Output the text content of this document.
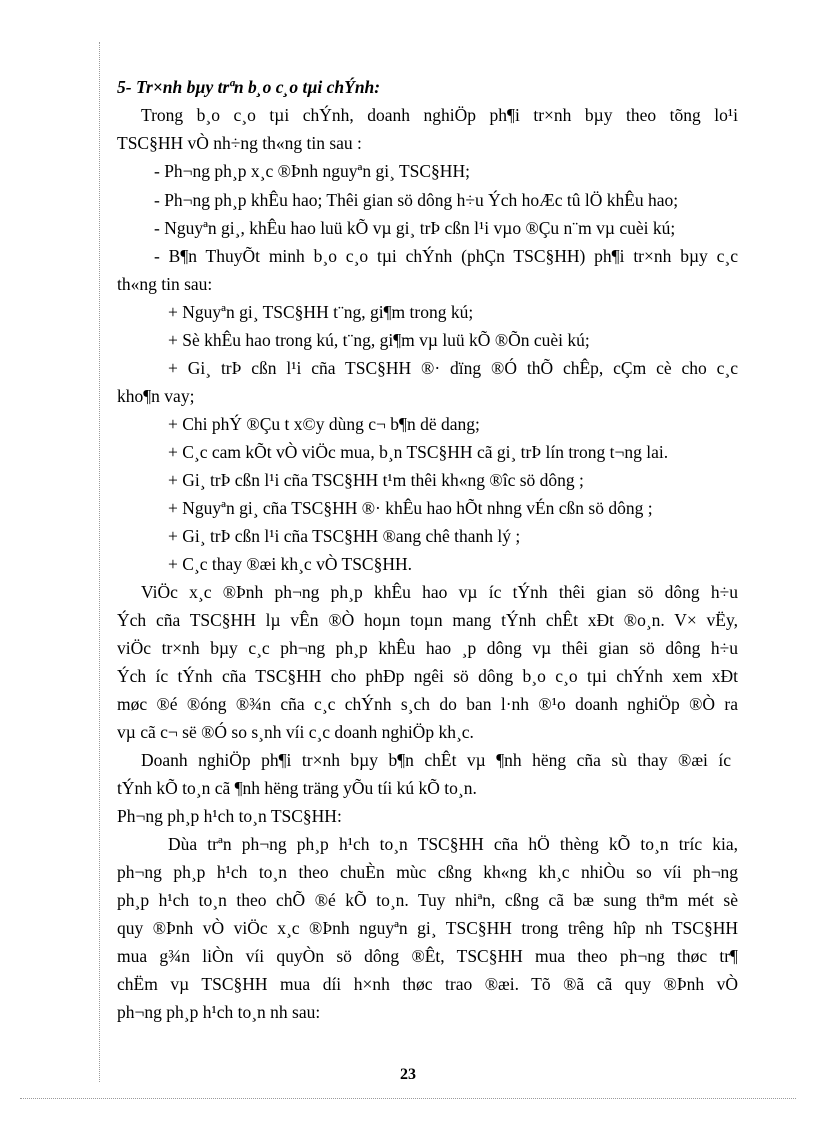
5- Tr×nh bµy trªn b¸o c¸o tµi chÝnh:
Trong b¸o c¸o tµi chÝnh, doanh nghiÖp ph¶i tr×nh bµy theo tõng lo¹i
TSC§HH vÒ nh÷ng th«ng tin sau :
- Ph¬ng ph¸p x¸c ®Þnh nguyªn gi¸ TSC§HH;
- Ph¬ng ph¸p khÊu hao; Thêi gian sö dông h÷u Ých hoÆc tû lÖ khÊu hao;
- Nguyªn gi¸, khÊu hao luü kÕ vµ gi¸ trÞ cßn l¹i vµo ®Çu n¨m vµ cuèi kú;
- B¶n ThuyÕt minh b¸o c¸o tµi chÝnh (phÇn TSC§HH) ph¶i tr×nh bµy c¸c
th«ng tin sau:
+ Nguyªn gi¸ TSC§HH t¨ng, gi¶m trong kú;
+ Sè khÊu hao trong kú, t¨ng, gi¶m vµ luü kÕ ®Õn cuèi kú;
+ Gi¸ trÞ cßn l¹i cña TSC§HH ®· dïng ®Ó thÕ chÊp, cÇm cè cho c¸c
kho¶n vay;
+ Chi phÝ ®Çu t x©y dùng c¬ b¶n dë dang;
+ C¸c cam kÕt vÒ viÖc mua, b¸n TSC§HH cã gi¸ trÞ lín trong t¬ng lai.
+ Gi¸ trÞ cßn l¹i cña TSC§HH t¹m thêi kh«ng ®îc sö dông ;
+ Nguyªn gi¸ cña TSC§HH ®· khÊu hao hÕt nhng vÉn cßn sö dông ;
+ Gi¸ trÞ cßn l¹i cña TSC§HH ®ang chê thanh lý ;
+ C¸c thay ®æi kh¸c vÒ TSC§HH.
ViÖc x¸c ®Þnh ph¬ng ph¸p khÊu hao vµ íc tÝnh thêi gian sö dông h÷u
Ých cña TSC§HH lµ vÊn ®Ò hoµn toµn mang tÝnh chÊt xÐt ®o¸n. V× vËy,
viÖc tr×nh bµy c¸c ph¬ng ph¸p khÊu hao ¸p dông vµ thêi gian sö dông h÷u
Ých íc tÝnh cña TSC§HH cho phÐp ngêi sö dông b¸o c¸o tµi chÝnh xem xÐt
møc ®é ®óng ®¾n cña c¸c chÝnh s¸ch do ban l·nh ®¹o doanh nghiÖp ®Ò ra
vµ cã c¬ së ®Ó so s¸nh víi c¸c doanh nghiÖp kh¸c.
Doanh nghiÖp ph¶i tr×nh bµy b¶n chÊt vµ ¶nh hëng cña sù thay ®æi íc
tÝnh kÕ to¸n cã ¶nh hëng träng yÕu tíi kú kÕ to¸n.
Ph¬ng ph¸p h¹ch to¸n TSC§HH:
Dùa trªn ph¬ng ph¸p h¹ch to¸n TSC§HH cña hÖ thèng kÕ to¸n tríc kia,
ph¬ng ph¸p h¹ch to¸n theo chuÈn mùc cßng kh«ng kh¸c nhiÒu so víi ph¬ng
ph¸p h¹ch to¸n theo chÕ ®é kÕ to¸n. Tuy nhiªn, cßng cã bæ sung thªm mét sè
quy ®Þnh vÒ viÖc x¸c ®Þnh nguyªn gi¸ TSC§HH trong trêng hîp nh TSC§HH
mua g¾n liÒn víi quyÒn sö dông ®Êt, TSC§HH mua theo ph¬ng thøc tr¶
chËm vµ TSC§HH mua díi h×nh thøc trao ®æi. Tõ ®ã cã quy ®Þnh vÒ
ph¬ng ph¸p h¹ch to¸n nh sau:
23
